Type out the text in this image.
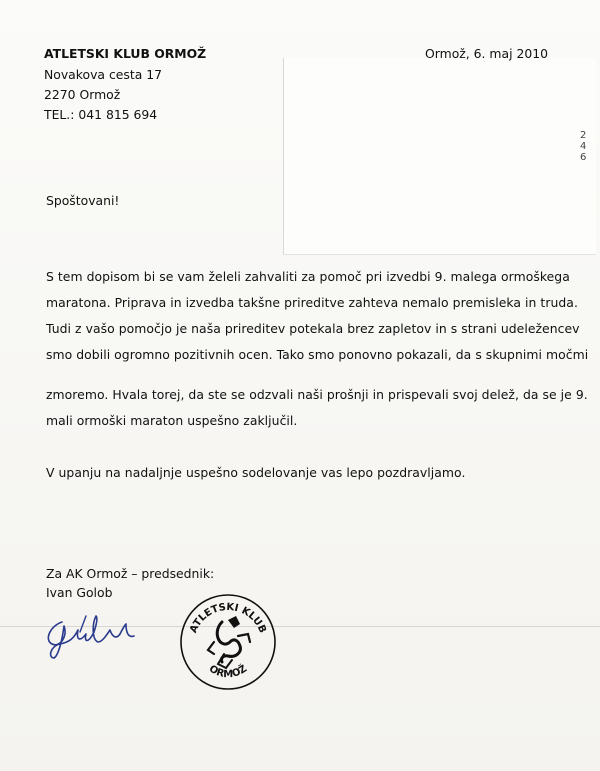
2
4
6
ATLETSKI KLUB ORMOŽ
Novakova cesta 17
2270 Ormož
TEL.: 041 815 694
Ormož, 6. maj 2010
Spoštovani!
S tem dopisom bi se vam želeli zahvaliti za pomoč pri izvedbi 9. malega ormoškega
maratona. Priprava in izvedba takšne prireditve zahteva nemalo premisleka in truda.
Tudi z vašo pomočjo je naša prireditev potekala brez zapletov in s strani udeležencev
smo dobili ogromno pozitivnih ocen. Tako smo ponovno pokazali, da s skupnimi močmi
zmoremo. Hvala torej, da ste se odzvali naši prošnji in prispevali svoj delež, da se je 9.
mali ormoški maraton uspešno zaključil.
V upanju na nadaljnje uspešno sodelovanje vas lepo pozdravljamo.
Za AK Ormož – predsednik:
Ivan Golob
ATLETSKI KLUB
ORMOŽ
